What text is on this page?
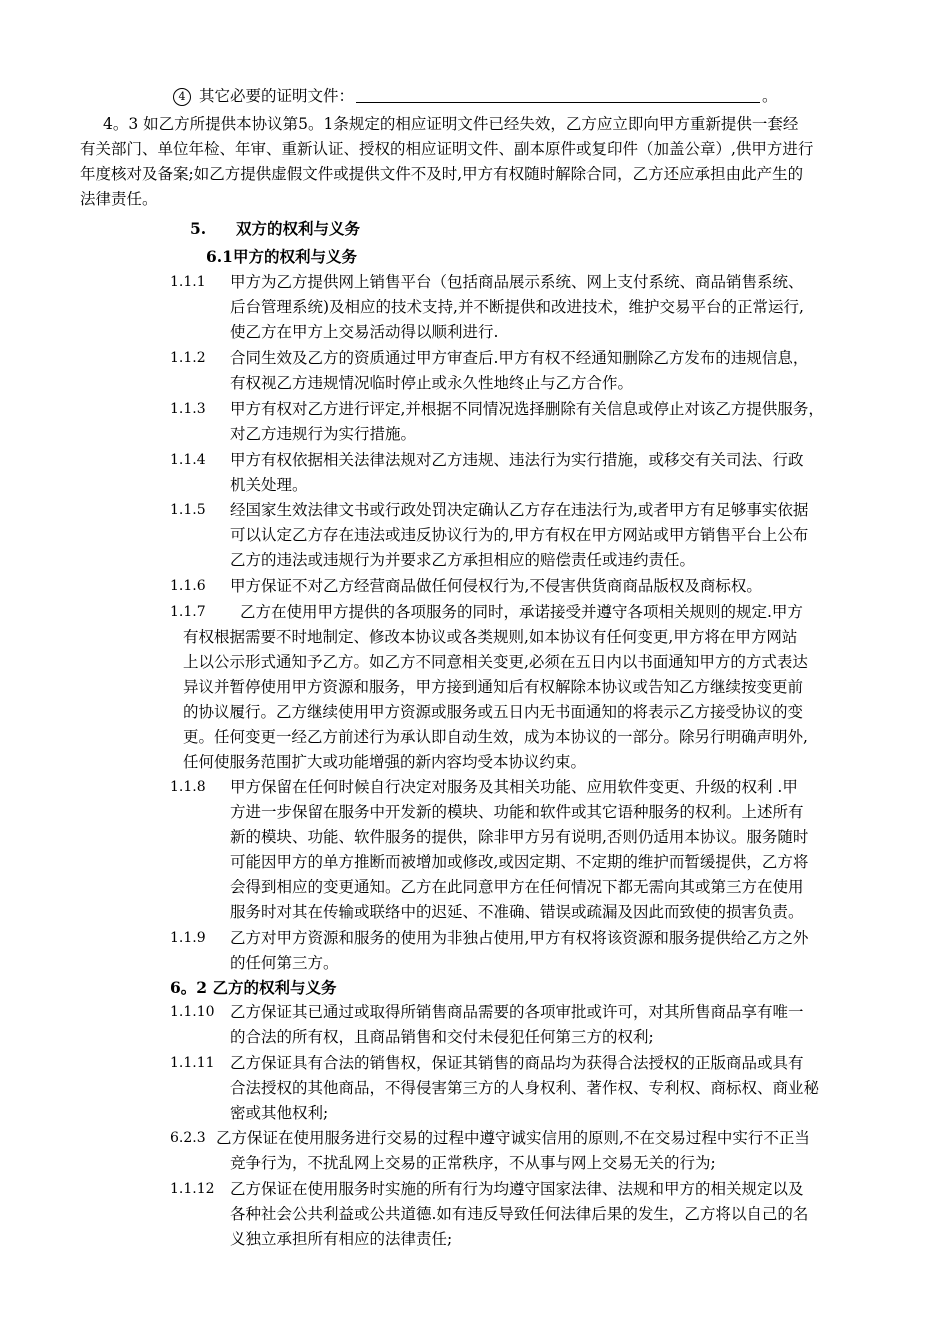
4 其它必要的证明文件：	。
4。3 如乙方所提供本协议第5。1条规定的相应证明文件已经失效，乙方应立即向甲方重新提供一套经
有关部门、单位年检、年审、重新认证、授权的相应证明文件、副本原件或复印件（加盖公章）,供甲方进行
年度核对及备案;如乙方提供虚假文件或提供文件不及时,甲方有权随时解除合同，乙方还应承担由此产生的
法律责任。
5. 双方的权利与义务
6.1甲方的权利与义务
1.1.1 甲方为乙方提供网上销售平台（包括商品展示系统、网上支付系统、商品销售系统、
后台管理系统)及相应的技术支持,并不断提供和改进技术，维护交易平台的正常运行,
使乙方在甲方上交易活动得以顺利进行.
1.1.2 合同生效及乙方的资质通过甲方审查后.甲方有权不经通知删除乙方发布的违规信息，
有权视乙方违规情况临时停止或永久性地终止与乙方合作。
1.1.3 甲方有权对乙方进行评定,并根据不同情况选择删除有关信息或停止对该乙方提供服务，
对乙方违规行为实行措施。
1.1.4 甲方有权依据相关法律法规对乙方违规、违法行为实行措施，或移交有关司法、行政
机关处理。
1.1.5 经国家生效法律文书或行政处罚决定确认乙方存在违法行为,或者甲方有足够事实依据
可以认定乙方存在违法或违反协议行为的,甲方有权在甲方网站或甲方销售平台上公布
乙方的违法或违规行为并要求乙方承担相应的赔偿责任或违约责任。
1.1.6 甲方保证不对乙方经营商品做任何侵权行为,不侵害供货商商品版权及商标权。
1.1.7 乙方在使用甲方提供的各项服务的同时，承诺接受并遵守各项相关规则的规定.甲方
有权根据需要不时地制定、修改本协议或各类规则,如本协议有任何变更,甲方将在甲方网站
上以公示形式通知予乙方。如乙方不同意相关变更,必须在五日内以书面通知甲方的方式表达
异议并暂停使用甲方资源和服务，甲方接到通知后有权解除本协议或告知乙方继续按变更前
的协议履行。乙方继续使用甲方资源或服务或五日内无书面通知的将表示乙方接受协议的变
更。任何变更一经乙方前述行为承认即自动生效，成为本协议的一部分。除另行明确声明外,
任何使服务范围扩大或功能增强的新内容均受本协议约束。
1.1.8 甲方保留在任何时候自行决定对服务及其相关功能、应用软件变更、升级的权利 .甲
方进一步保留在服务中开发新的模块、功能和软件或其它语种服务的权利。上述所有
新的模块、功能、软件服务的提供，除非甲方另有说明,否则仍适用本协议。服务随时
可能因甲方的单方推断而被增加或修改,或因定期、不定期的维护而暂缓提供，乙方将
会得到相应的变更通知。乙方在此同意甲方在任何情况下都无需向其或第三方在使用
服务时对其在传输或联络中的迟延、不准确、错误或疏漏及因此而致使的损害负责。
1.1.9 乙方对甲方资源和服务的使用为非独占使用,甲方有权将该资源和服务提供给乙方之外
的任何第三方。
6。2 乙方的权利与义务
1.1.10 乙方保证其已通过或取得所销售商品需要的各项审批或许可，对其所售商品享有唯一
的合法的所有权，且商品销售和交付未侵犯任何第三方的权利;
1.1.11 乙方保证具有合法的销售权，保证其销售的商品均为获得合法授权的正版商品或具有
合法授权的其他商品，不得侵害第三方的人身权利、著作权、专利权、商标权、商业秘
密或其他权利;
6.2.3 乙方保证在使用服务进行交易的过程中遵守诚实信用的原则,不在交易过程中实行不正当
竞争行为，不扰乱网上交易的正常秩序，不从事与网上交易无关的行为;
1.1.12 乙方保证在使用服务时实施的所有行为均遵守国家法律、法规和甲方的相关规定以及
各种社会公共利益或公共道德.如有违反导致任何法律后果的发生，乙方将以自己的名
义独立承担所有相应的法律责任;
